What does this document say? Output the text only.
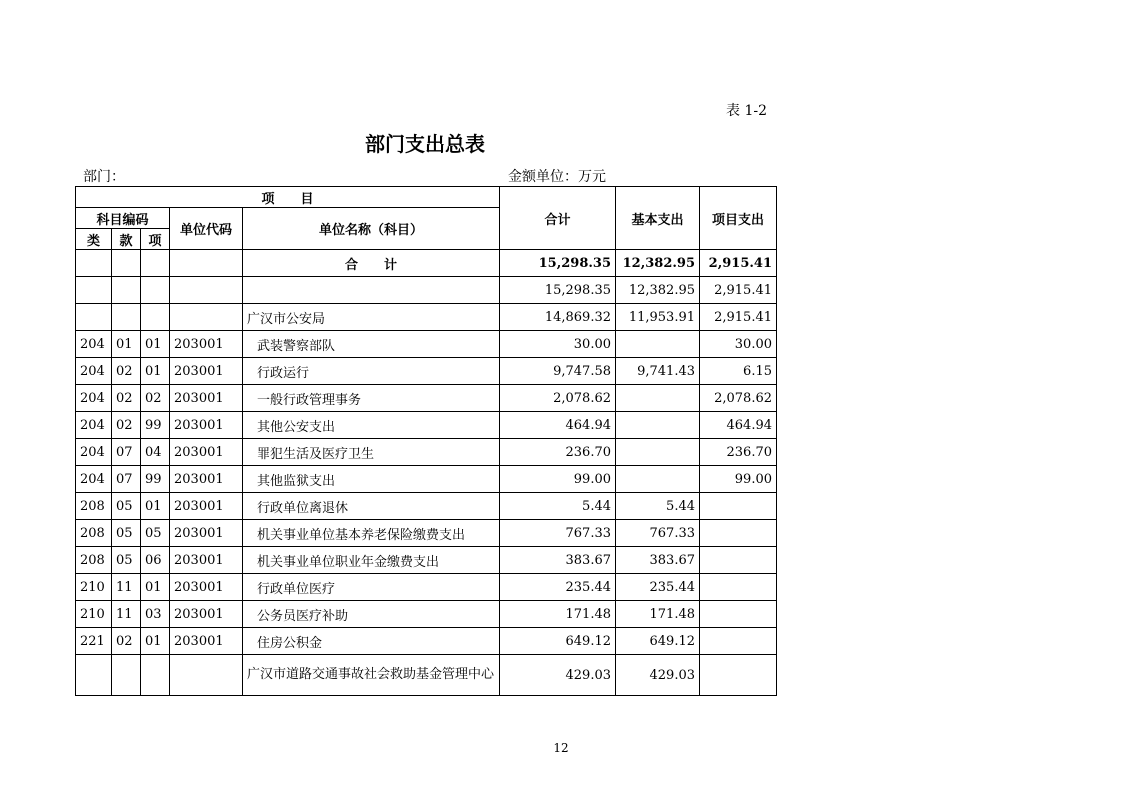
表 1-2
部门支出总表
部门：	金额单位：万元
项　　目					合计	基本支出	项目支出
科目编码			单位代码	单位名称（科目）			
类	款	项					
				合　　计	15,298.35	12,382.95	2,915.41
					15,298.35	12,382.95	2,915.41
				广汉市公安局	14,869.32	11,953.91	2,915.41
204	01	01	203001	武装警察部队	30.00		30.00
204	02	01	203001	行政运行	9,747.58	9,741.43	6.15
204	02	02	203001	一般行政管理事务	2,078.62		2,078.62
204	02	99	203001	其他公安支出	464.94		464.94
204	07	04	203001	罪犯生活及医疗卫生	236.70		236.70
204	07	99	203001	其他监狱支出	99.00		99.00
208	05	01	203001	行政单位离退休	5.44	5.44	
208	05	05	203001	机关事业单位基本养老保险缴费支出	767.33	767.33	
208	05	06	203001	机关事业单位职业年金缴费支出	383.67	383.67	
210	11	01	203001	行政单位医疗	235.44	235.44	
210	11	03	203001	公务员医疗补助	171.48	171.48	
221	02	01	203001	住房公积金	649.12	649.12	
				广汉市道路交通事故社会救助基金管理中心	429.03	429.03	
12
